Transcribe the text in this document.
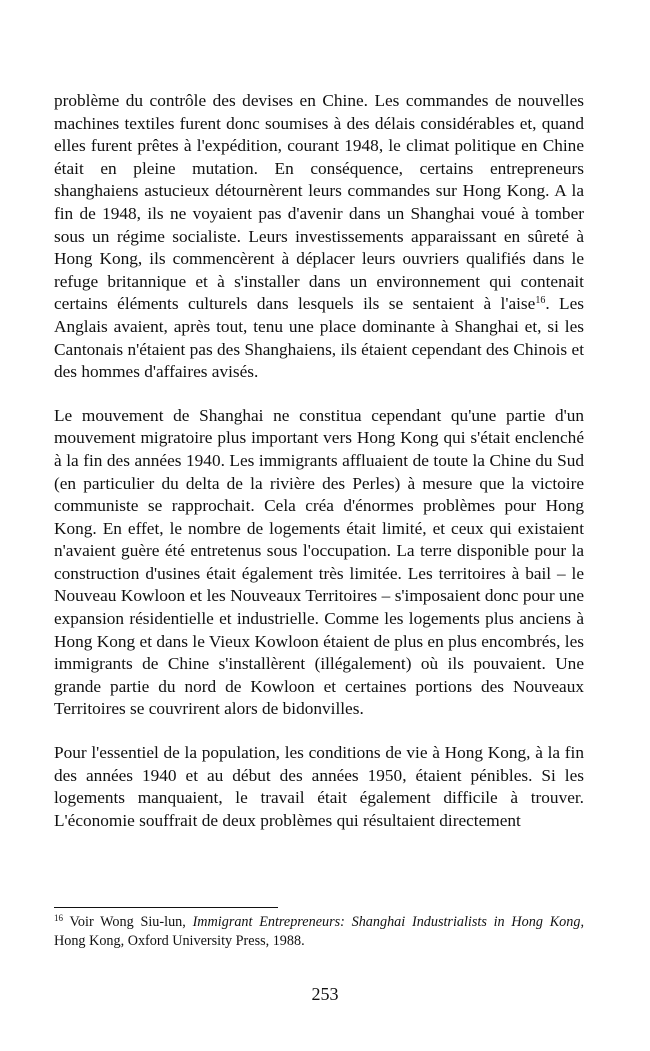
problème du contrôle des devises en Chine. Les commandes de nouvelles machines textiles furent donc soumises à des délais considérables et, quand elles furent prêtes à l'expédition, courant 1948, le climat politique en Chine était en pleine mutation. En conséquence, certains entrepreneurs shanghaiens astucieux détournèrent leurs commandes sur Hong Kong. A la fin de 1948, ils ne voyaient pas d'avenir dans un Shanghai voué à tomber sous un régime socialiste. Leurs investissements apparaissant en sûreté à Hong Kong, ils commencèrent à déplacer leurs ouvriers qualifiés dans le refuge britannique et à s'installer dans un environnement qui contenait certains éléments culturels dans lesquels ils se sentaient à l'aise$^{16}$. Les Anglais avaient, après tout, tenu une place dominante à Shanghai et, si les Cantonais n'étaient pas des Shanghaiens, ils étaient cependant des Chinois et des hommes d'affaires avisés.

Le mouvement de Shanghai ne constitua cependant qu'une partie d'un mouvement migratoire plus important vers Hong Kong qui s'était enclenché à la fin des années 1940. Les immigrants affluaient de toute la Chine du Sud (en particulier du delta de la rivière des Perles) à mesure que la victoire communiste se rapprochait. Cela créa d'énormes problèmes pour Hong Kong. En effet, le nombre de logements était limité, et ceux qui existaient n'avaient guère été entretenus sous l'occupation. La terre disponible pour la construction d'usines était également très limitée. Les territoires à bail – le Nouveau Kowloon et les Nouveaux Territoires – s'imposaient donc pour une expansion résidentielle et industrielle. Comme les logements plus anciens à Hong Kong et dans le Vieux Kowloon étaient de plus en plus encombrés, les immigrants de Chine s'installèrent (illégalement) où ils pouvaient. Une grande partie du nord de Kowloon et certaines portions des Nouveaux Territoires se couvrirent alors de bidonvilles.

Pour l'essentiel de la population, les conditions de vie à Hong Kong, à la fin des années 1940 et au début des années 1950, étaient pénibles. Si les logements manquaient, le travail était également difficile à trouver. L'économie souffrait de deux problèmes qui résultaient directement

$^{16}$ Voir Wong Siu-lun, Immigrant Entrepreneurs: Shanghai Industrialists in Hong Kong, Hong Kong, Oxford University Press, 1988.

253
